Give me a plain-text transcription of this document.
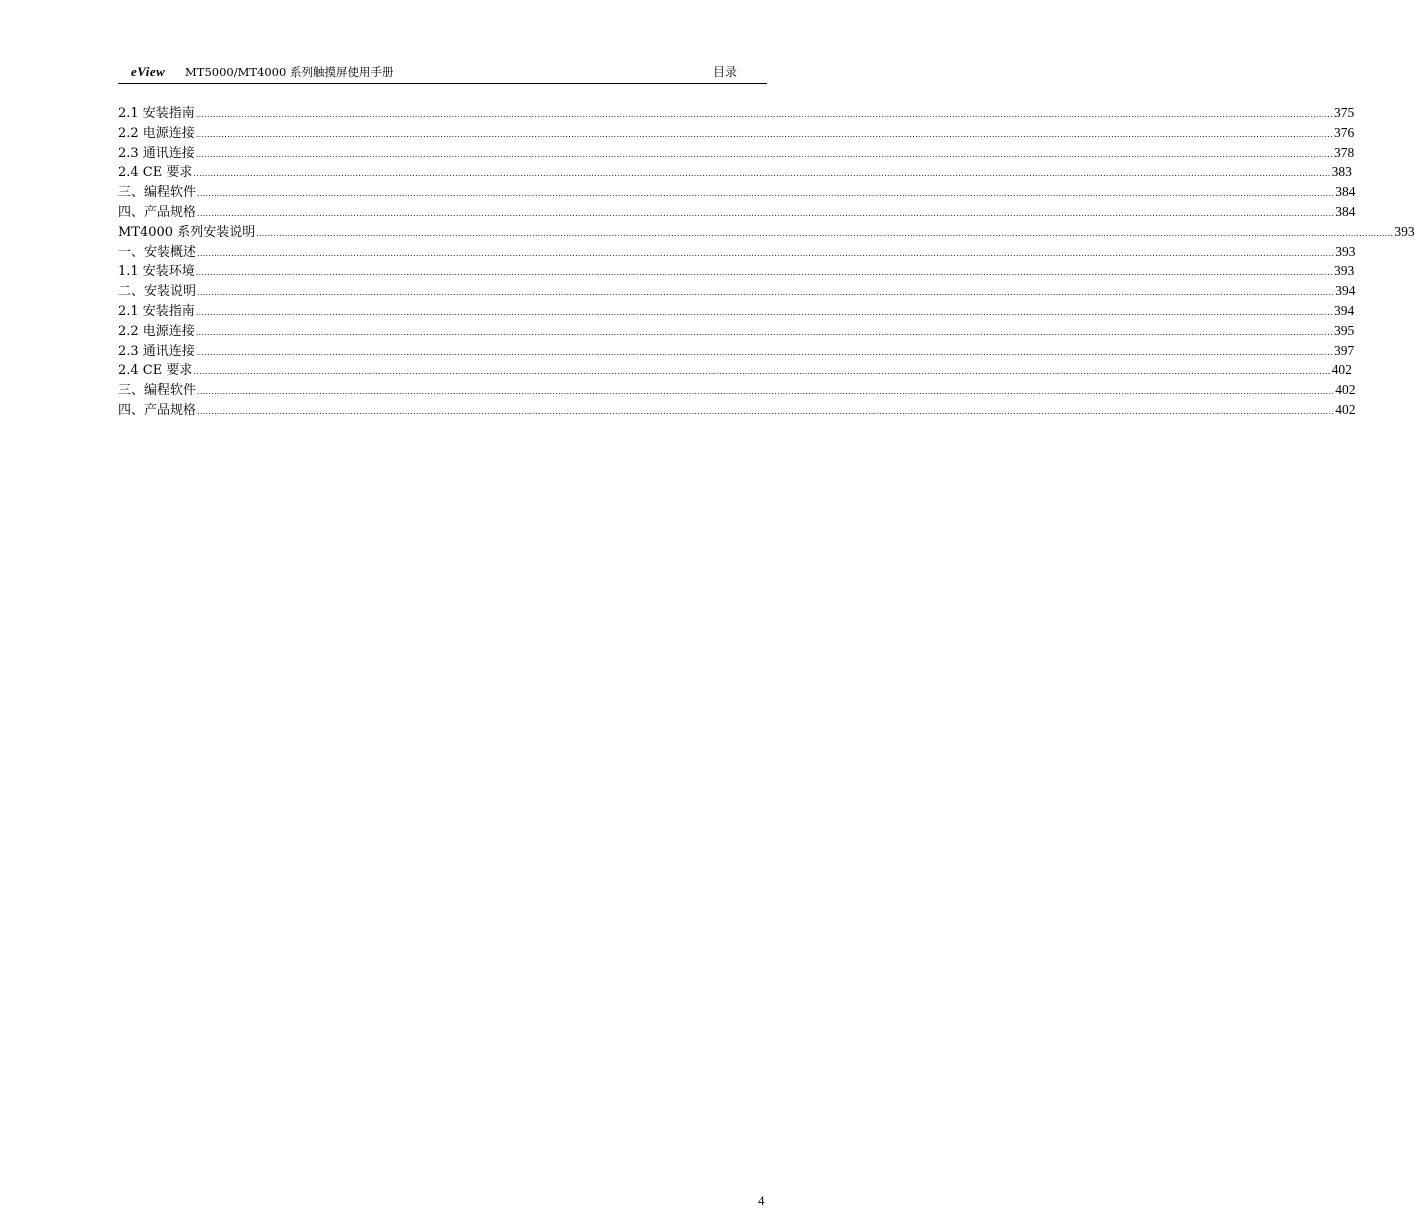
eView MT5000/MT4000 系列触摸屏使用手册	目录
2.1 安装指南 ................................................................................................................................................................................................................................................................................................................................................................................................................ 375
2.2 电源连接 ................................................................................................................................................................................................................................................................................................................................................................................................................ 376
2.3 通讯连接 ................................................................................................................................................................................................................................................................................................................................................................................................................ 378
2.4 CE 要求 ................................................................................................................................................................................................................................................................................................................................................................................................................ 383
三、编程软件 ................................................................................................................................................................................................................................................................................................................................................................................................................ 384
四、产品规格 ................................................................................................................................................................................................................................................................................................................................................................................................................ 384
MT4000 系列安装说明 ................................................................................................................................................................................................................................................................................................................................................................................................................ 393
一、安装概述 ................................................................................................................................................................................................................................................................................................................................................................................................................ 393
1.1 安装环境 ................................................................................................................................................................................................................................................................................................................................................................................................................ 393
二、安装说明 ................................................................................................................................................................................................................................................................................................................................................................................................................ 394
2.1 安装指南 ................................................................................................................................................................................................................................................................................................................................................................................................................ 394
2.2 电源连接 ................................................................................................................................................................................................................................................................................................................................................................................................................ 395
2.3 通讯连接 ................................................................................................................................................................................................................................................................................................................................................................................................................ 397
2.4 CE 要求 ................................................................................................................................................................................................................................................................................................................................................................................................................ 402
三、编程软件 ................................................................................................................................................................................................................................................................................................................................................................................................................ 402
四、产品规格 ................................................................................................................................................................................................................................................................................................................................................................................................................ 402
4
